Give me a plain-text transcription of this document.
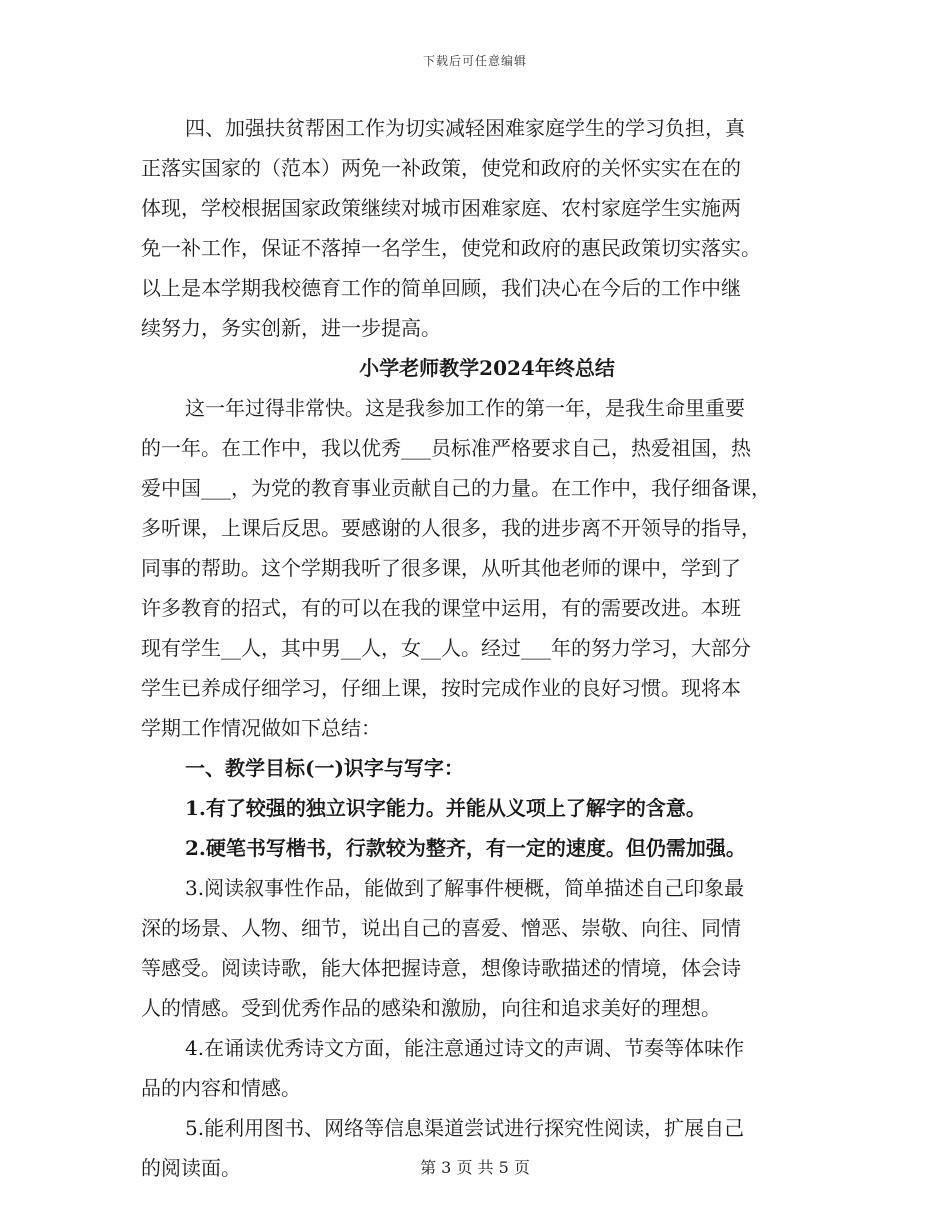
下载后可任意编辑
四、加强扶贫帮困工作为切实减轻困难家庭学生的学习负担，真
正落实国家的（范本）两免一补政策，使党和政府的关怀实实在在的
体现，学校根据国家政策继续对城市困难家庭、农村家庭学生实施两
免一补工作，保证不落掉一名学生，使党和政府的惠民政策切实落实。
以上是本学期我校德育工作的简单回顾，我们决心在今后的工作中继
续努力，务实创新，进一步提高。
小学老师教学2024年终总结
这一年过得非常快。这是我参加工作的第一年，是我生命里重要
的一年。在工作中，我以优秀___员标准严格要求自己，热爱祖国，热
爱中国___，为党的教育事业贡献自己的力量。在工作中，我仔细备课，
多听课，上课后反思。要感谢的人很多，我的进步离不开领导的指导，
同事的帮助。这个学期我听了很多课，从听其他老师的课中，学到了
许多教育的招式，有的可以在我的课堂中运用，有的需要改进。本班
现有学生__人，其中男__人，女__人。经过___年的努力学习，大部分
学生已养成仔细学习，仔细上课，按时完成作业的良好习惯。现将本
学期工作情况做如下总结：
一、教学目标(一)识字与写字：
1.有了较强的独立识字能力。并能从义项上了解字的含意。
2.硬笔书写楷书，行款较为整齐，有一定的速度。但仍需加强。
3.阅读叙事性作品，能做到了解事件梗概，简单描述自己印象最
深的场景、人物、细节，说出自己的喜爱、憎恶、崇敬、向往、同情
等感受。阅读诗歌，能大体把握诗意，想像诗歌描述的情境，体会诗
人的情感。受到优秀作品的感染和激励，向往和追求美好的理想。
4.在诵读优秀诗文方面，能注意通过诗文的声调、节奏等体味作
品的内容和情感。
5.能利用图书、网络等信息渠道尝试进行探究性阅读，扩展自己
的阅读面。	第 3 页 共 5 页
